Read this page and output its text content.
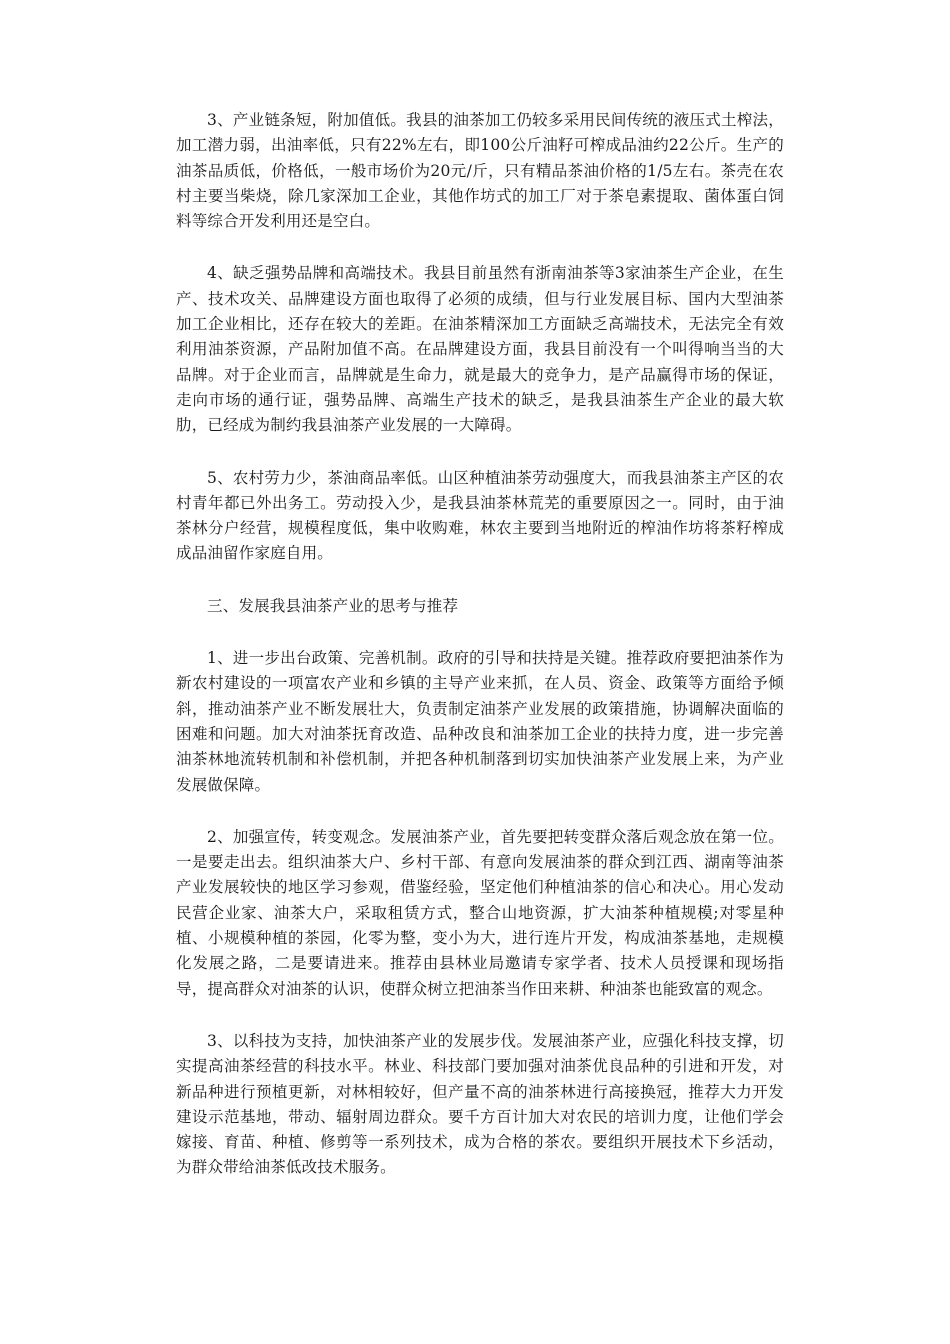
3、产业链条短，附加值低。我县的油茶加工仍较多采用民间传统的液压式土榨法，加工潜力弱，出油率低，只有22%左右，即100公斤油籽可榨成品油约22公斤。生产的油茶品质低，价格低，一般市场价为20元/斤，只有精品茶油价格的1/5左右。茶壳在农村主要当柴烧，除几家深加工企业，其他作坊式的加工厂对于茶皂素提取、菌体蛋白饲料等综合开发利用还是空白。

4、缺乏强势品牌和高端技术。我县目前虽然有浙南油茶等3家油茶生产企业，在生产、技术攻关、品牌建设方面也取得了必须的成绩，但与行业发展目标、国内大型油茶加工企业相比，还存在较大的差距。在油茶精深加工方面缺乏高端技术，无法完全有效利用油茶资源，产品附加值不高。在品牌建设方面，我县目前没有一个叫得响当当的大品牌。对于企业而言，品牌就是生命力，就是最大的竞争力，是产品赢得市场的保证，走向市场的通行证，强势品牌、高端生产技术的缺乏，是我县油茶生产企业的最大软肋，已经成为制约我县油茶产业发展的一大障碍。

5、农村劳力少，茶油商品率低。山区种植油茶劳动强度大，而我县油茶主产区的农村青年都已外出务工。劳动投入少，是我县油茶林荒芜的重要原因之一。同时，由于油茶林分户经营，规模程度低，集中收购难，林农主要到当地附近的榨油作坊将茶籽榨成成品油留作家庭自用。

三、发展我县油茶产业的思考与推荐

1、进一步出台政策、完善机制。政府的引导和扶持是关键。推荐政府要把油茶作为新农村建设的一项富农产业和乡镇的主导产业来抓，在人员、资金、政策等方面给予倾斜，推动油茶产业不断发展壮大，负责制定油茶产业发展的政策措施，协调解决面临的困难和问题。加大对油茶抚育改造、品种改良和油茶加工企业的扶持力度，进一步完善油茶林地流转机制和补偿机制，并把各种机制落到切实加快油茶产业发展上来，为产业发展做保障。

2、加强宣传，转变观念。发展油茶产业，首先要把转变群众落后观念放在第一位。一是要走出去。组织油茶大户、乡村干部、有意向发展油茶的群众到江西、湖南等油茶产业发展较快的地区学习参观，借鉴经验，坚定他们种植油茶的信心和决心。用心发动民营企业家、油茶大户，采取租赁方式，整合山地资源，扩大油茶种植规模;对零星种植、小规模种植的茶园，化零为整，变小为大，进行连片开发，构成油茶基地，走规模化发展之路，二是要请进来。推荐由县林业局邀请专家学者、技术人员授课和现场指导，提高群众对油茶的认识，使群众树立把油茶当作田来耕、种油茶也能致富的观念。

3、以科技为支持，加快油茶产业的发展步伐。发展油茶产业，应强化科技支撑，切实提高油茶经营的科技水平。林业、科技部门要加强对油茶优良品种的引进和开发，对新品种进行预植更新，对林相较好，但产量不高的油茶林进行高接换冠，推荐大力开发建设示范基地，带动、辐射周边群众。要千方百计加大对农民的培训力度，让他们学会嫁接、育苗、种植、修剪等一系列技术，成为合格的茶农。要组织开展技术下乡活动，为群众带给油茶低改技术服务。
